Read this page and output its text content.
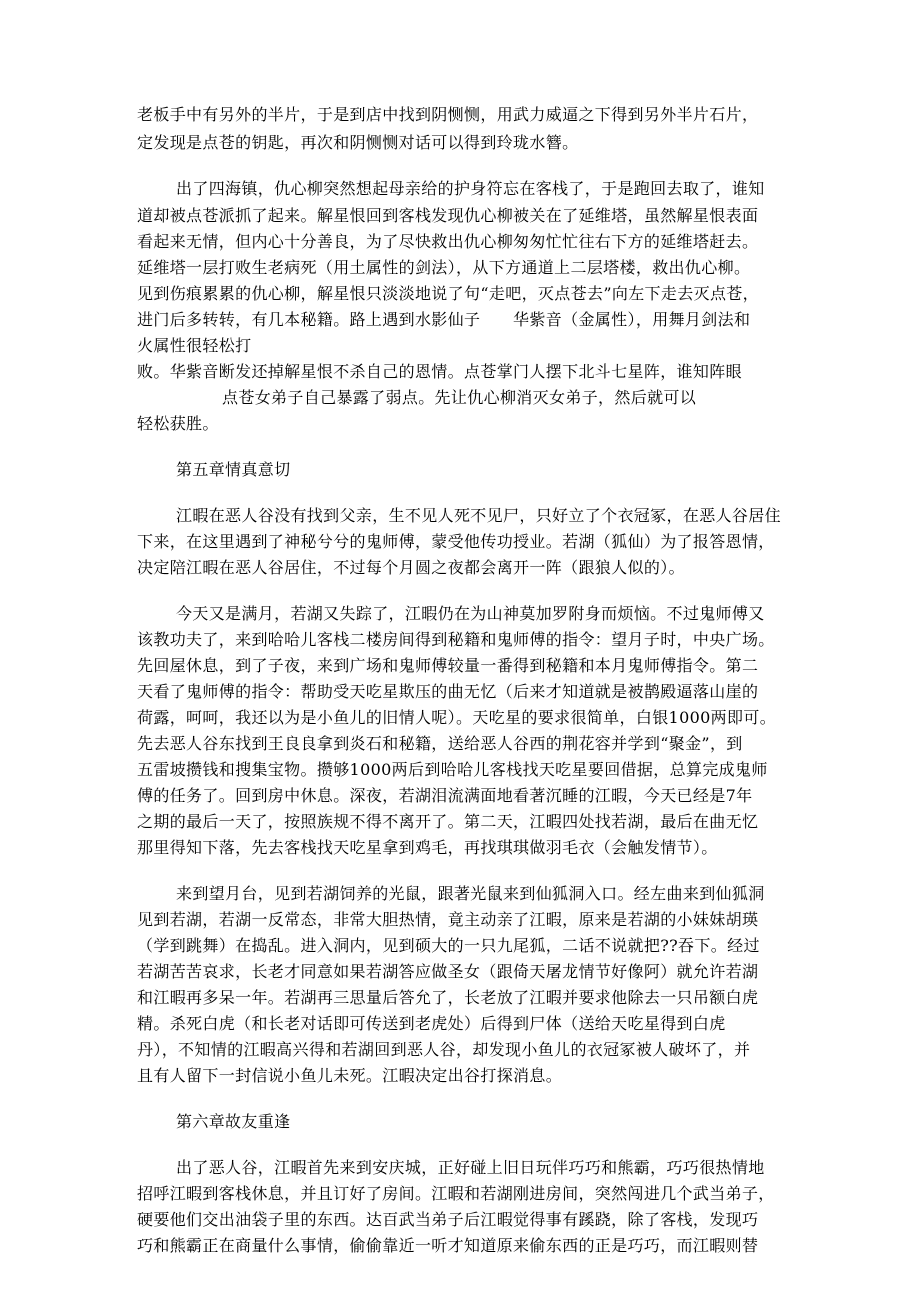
老板手中有另外的半片，于是到店中找到阴恻恻，用武力威逼之下得到另外半片石片，
定发现是点苍的钥匙，再次和阴恻恻对话可以得到玲珑水簪。
出了四海镇，仇心柳突然想起母亲给的护身符忘在客栈了，于是跑回去取了，谁知
道却被点苍派抓了起来。解星恨回到客栈发现仇心柳被关在了延维塔，虽然解星恨表面
看起来无情，但内心十分善良，为了尽快救出仇心柳匆匆忙忙往右下方的延维塔赶去。
延维塔一层打败生老病死（用土属性的剑法），从下方通道上二层塔楼，救出仇心柳。
见到伤痕累累的仇心柳，解星恨只淡淡地说了句“走吧，灭点苍去”向左下走去灭点苍，
进门后多转转，有几本秘籍。路上遇到水影仙子　　华紫音（金属性），用舞月剑法和
火属性很轻松打
败。华紫音断发还掉解星恨不杀自己的恩情。点苍掌门人摆下北斗七星阵，谁知阵眼
点苍女弟子自己暴露了弱点。先让仇心柳消灭女弟子，然后就可以
轻松获胜。
第五章情真意切
江暇在恶人谷没有找到父亲，生不见人死不见尸，只好立了个衣冠冢，在恶人谷居住
下来，在这里遇到了神秘兮兮的鬼师傅，蒙受他传功授业。若湖（狐仙）为了报答恩情，
决定陪江暇在恶人谷居住，不过每个月圆之夜都会离开一阵（跟狼人似的）。
今天又是满月，若湖又失踪了，江暇仍在为山神莫加罗附身而烦恼。不过鬼师傅又
该教功夫了，来到哈哈儿客栈二楼房间得到秘籍和鬼师傅的指令：望月子时，中央广场。
先回屋休息，到了子夜，来到广场和鬼师傅较量一番得到秘籍和本月鬼师傅指令。第二
天看了鬼师傅的指令：帮助受天吃星欺压的曲无忆（后来才知道就是被鹊殿逼落山崖的
荷露，呵呵，我还以为是小鱼儿的旧情人呢）。天吃星的要求很简单，白银1000两即可。
先去恶人谷东找到王良良拿到炎石和秘籍，送给恶人谷西的荆花容并学到“聚金”，到
五雷坡攒钱和搜集宝物。攒够1000两后到哈哈儿客栈找天吃星要回借据，总算完成鬼师
傅的任务了。回到房中休息。深夜，若湖泪流满面地看著沉睡的江暇，今天已经是7年
之期的最后一天了，按照族规不得不离开了。第二天，江暇四处找若湖，最后在曲无忆
那里得知下落，先去客栈找天吃星拿到鸡毛，再找琪琪做羽毛衣（会触发情节）。
来到望月台，见到若湖饲养的光鼠，跟著光鼠来到仙狐洞入口。经左曲来到仙狐洞
见到若湖，若湖一反常态，非常大胆热情，竟主动亲了江暇，原来是若湖的小妹妹胡瑛
（学到跳舞）在捣乱。进入洞内，见到硕大的一只九尾狐，二话不说就把??吞下。经过
若湖苦苦哀求，长老才同意如果若湖答应做圣女（跟倚天屠龙情节好像阿）就允许若湖
和江暇再多呆一年。若湖再三思量后答允了，长老放了江暇并要求他除去一只吊额白虎
精。杀死白虎（和长老对话即可传送到老虎处）后得到尸体（送给天吃星得到白虎
丹），不知情的江暇高兴得和若湖回到恶人谷，却发现小鱼儿的衣冠冢被人破坏了，并
且有人留下一封信说小鱼儿未死。江暇决定出谷打探消息。
第六章故友重逢
出了恶人谷，江暇首先来到安庆城，正好碰上旧日玩伴巧巧和熊霸，巧巧很热情地
招呼江暇到客栈休息，并且订好了房间。江暇和若湖刚进房间，突然闯进几个武当弟子，
硬要他们交出油袋子里的东西。达百武当弟子后江暇觉得事有蹊跷，除了客栈，发现巧
巧和熊霸正在商量什么事情，偷偷靠近一听才知道原来偷东西的正是巧巧，而江暇则替
